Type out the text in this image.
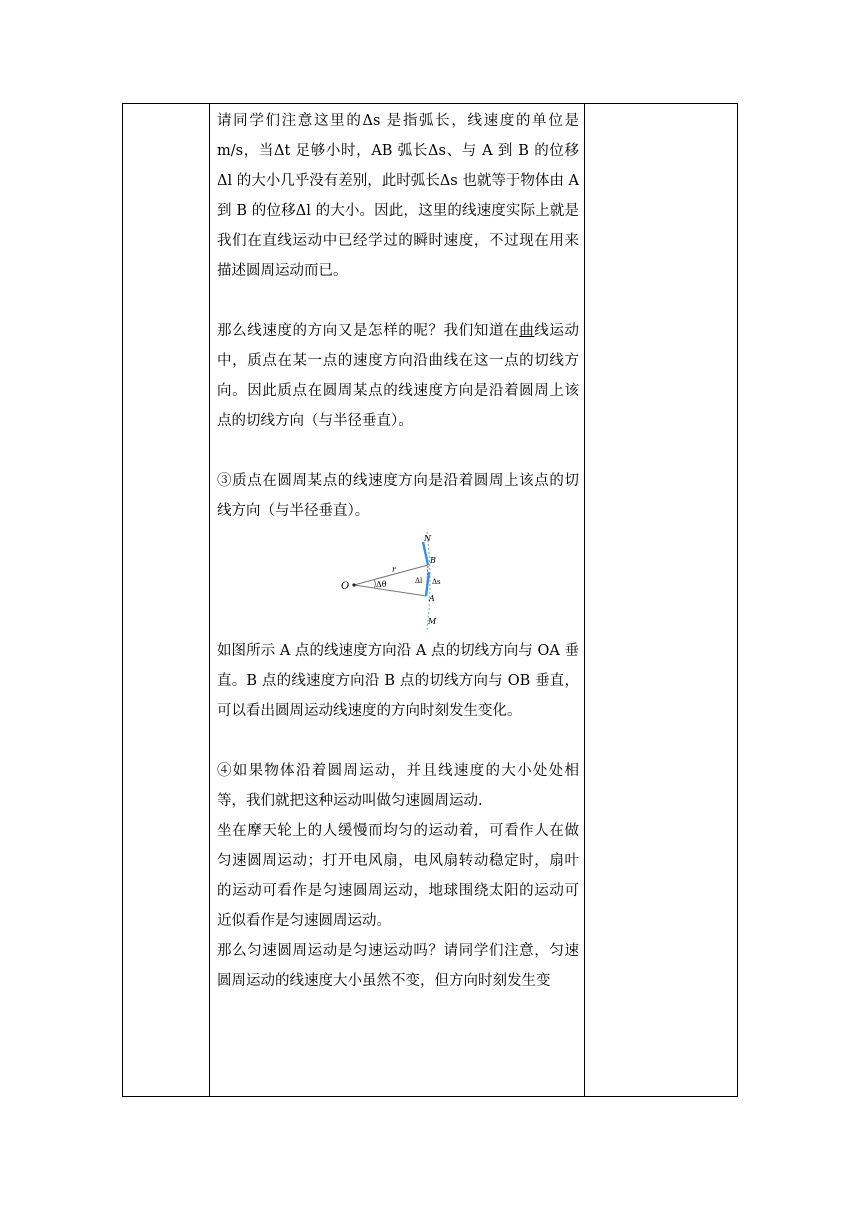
请同学们注意这里的Δs 是指弧长，线速度的单位是 m/s，当Δt 足够小时，AB 弧长Δs、与 A 到 B 的位移Δl 的大小几乎没有差别，此时弧长Δs 也就等于物体由 A 到 B 的位移Δl 的大小。因此，这里的线速度实际上就是我们在直线运动中已经学过的瞬时速度，不过现在用来描述圆周运动而已。

那么线速度的方向又是怎样的呢？我们知道在曲线运动中，质点在某一点的速度方向沿曲线在这一点的切线方向。因此质点在圆周某点的线速度方向是沿着圆周上该点的切线方向（与半径垂直）。

③质点在圆周某点的线速度方向是沿着圆周上该点的切线方向（与半径垂直）。

O	Δθ
r
N
B
Δl Δs
A
M

如图所示 A 点的线速度方向沿 A 点的切线方向与 OA 垂直。B 点的线速度方向沿 B 点的切线方向与 OB 垂直，可以看出圆周运动线速度的方向时刻发生变化。

④如果物体沿着圆周运动，并且线速度的大小处处相等，我们就把这种运动叫做匀速圆周运动.

坐在摩天轮上的人缓慢而均匀的运动着，可看作人在做匀速圆周运动；打开电风扇，电风扇转动稳定时，扇叶的运动可看作是匀速圆周运动，地球围绕太阳的运动可近似看作是匀速圆周运动。

那么匀速圆周运动是匀速运动吗？请同学们注意，匀速圆周运动的线速度大小虽然不变，但方向时刻发生变
